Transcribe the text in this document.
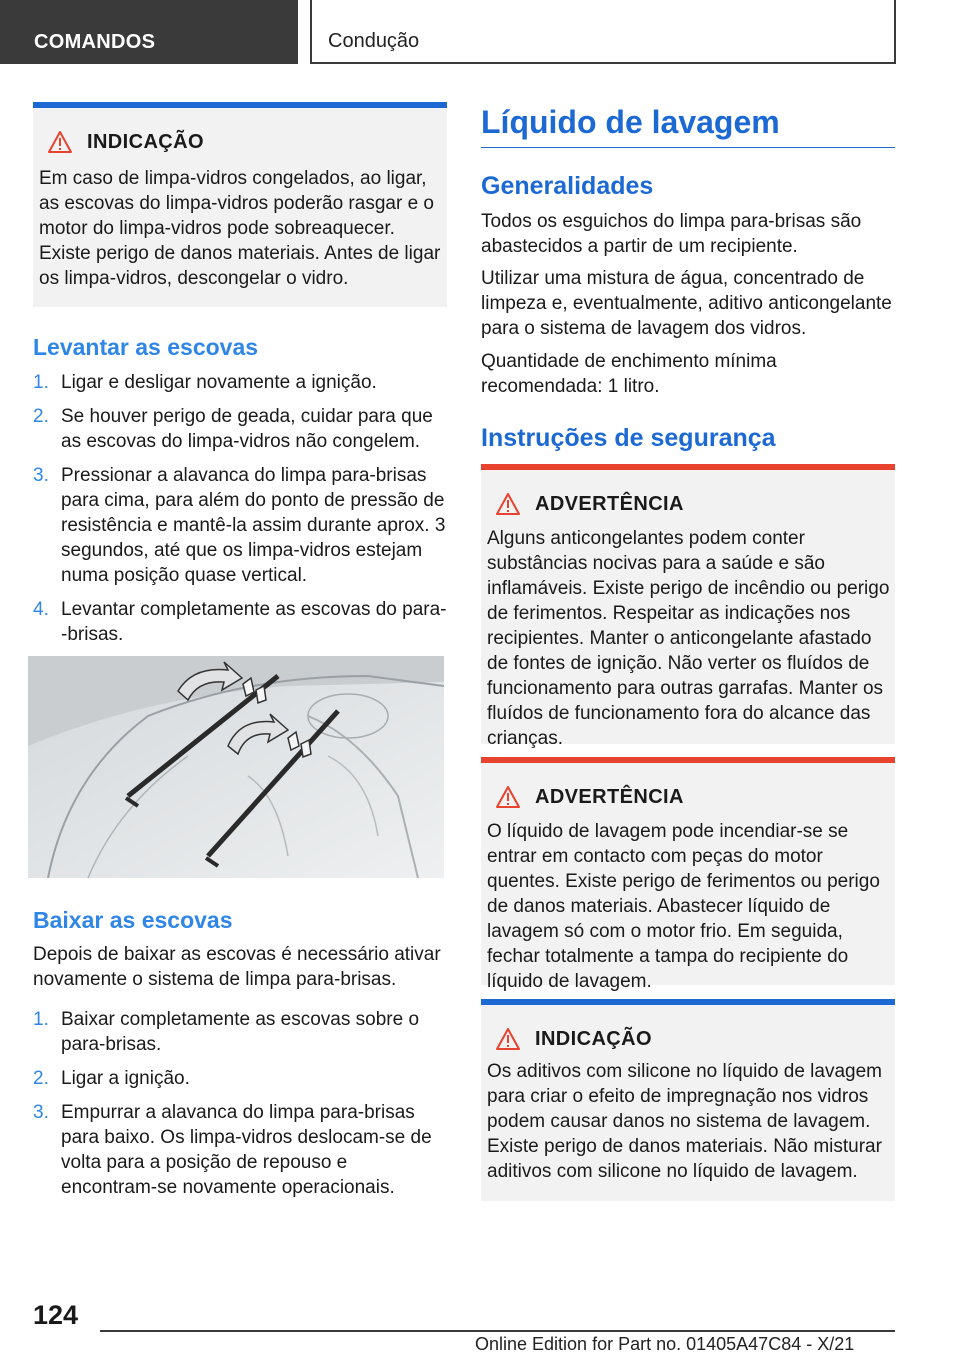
COMANDOS	Condução
INDICAÇÃO
Em caso de limpa-vidros congelados, ao ligar, as escovas do limpa-vidros poderão rasgar e o motor do limpa-vidros pode sobreaquecer. Existe perigo de danos materiais. Antes de ligar os limpa-vidros, descongelar o vidro.
Levantar as escovas
1. Ligar e desligar novamente a ignição.
2. Se houver perigo de geada, cuidar para que as escovas do limpa-vidros não congelem.
3. Pressionar a alavanca do limpa para-brisas para cima, para além do ponto de pressão de resistência e mantê-la assim durante aprox. 3 segundos, até que os limpa-vidros estejam numa posição quase vertical.
4. Levantar completamente as escovas do para--brisas.
Baixar as escovas

Depois de baixar as escovas é necessário ativar novamente o sistema de limpa para-brisas.

1. Baixar completamente as escovas sobre o para-brisas.
2. Ligar a ignição.
3. Empurrar a alavanca do limpa para-brisas para baixo. Os limpa-vidros deslocam-se de volta para a posição de repouso e encontram-se novamente operacionais.
Líquido de lavagem
Generalidades

Todos os esguichos do limpa para-brisas são abastecidos a partir de um recipiente.

Utilizar uma mistura de água, concentrado de limpeza e, eventualmente, aditivo anticongelante para o sistema de lavagem dos vidros.

Quantidade de enchimento mínima recomendada: 1 litro.

Instruções de segurança
ADVERTÊNCIA
Alguns anticongelantes podem conter substâncias nocivas para a saúde e são inflamáveis. Existe perigo de incêndio ou perigo de ferimentos. Respeitar as indicações nos recipientes. Manter o anticongelante afastado de fontes de ignição. Não verter os fluídos de funcionamento para outras garrafas. Manter os fluídos de funcionamento fora do alcance das crianças.
ADVERTÊNCIA
O líquido de lavagem pode incendiar-se se entrar em contacto com peças do motor quentes. Existe perigo de ferimentos ou perigo de danos materiais. Abastecer líquido de lavagem só com o motor frio. Em seguida, fechar totalmente a tampa do recipiente do líquido de lavagem.
INDICAÇÃO
Os aditivos com silicone no líquido de lavagem para criar o efeito de impregnação nos vidros podem causar danos no sistema de lavagem. Existe perigo de danos materiais. Não misturar aditivos com silicone no líquido de lavagem.
124
Online Edition for Part no. 01405A47C84 - X/21
